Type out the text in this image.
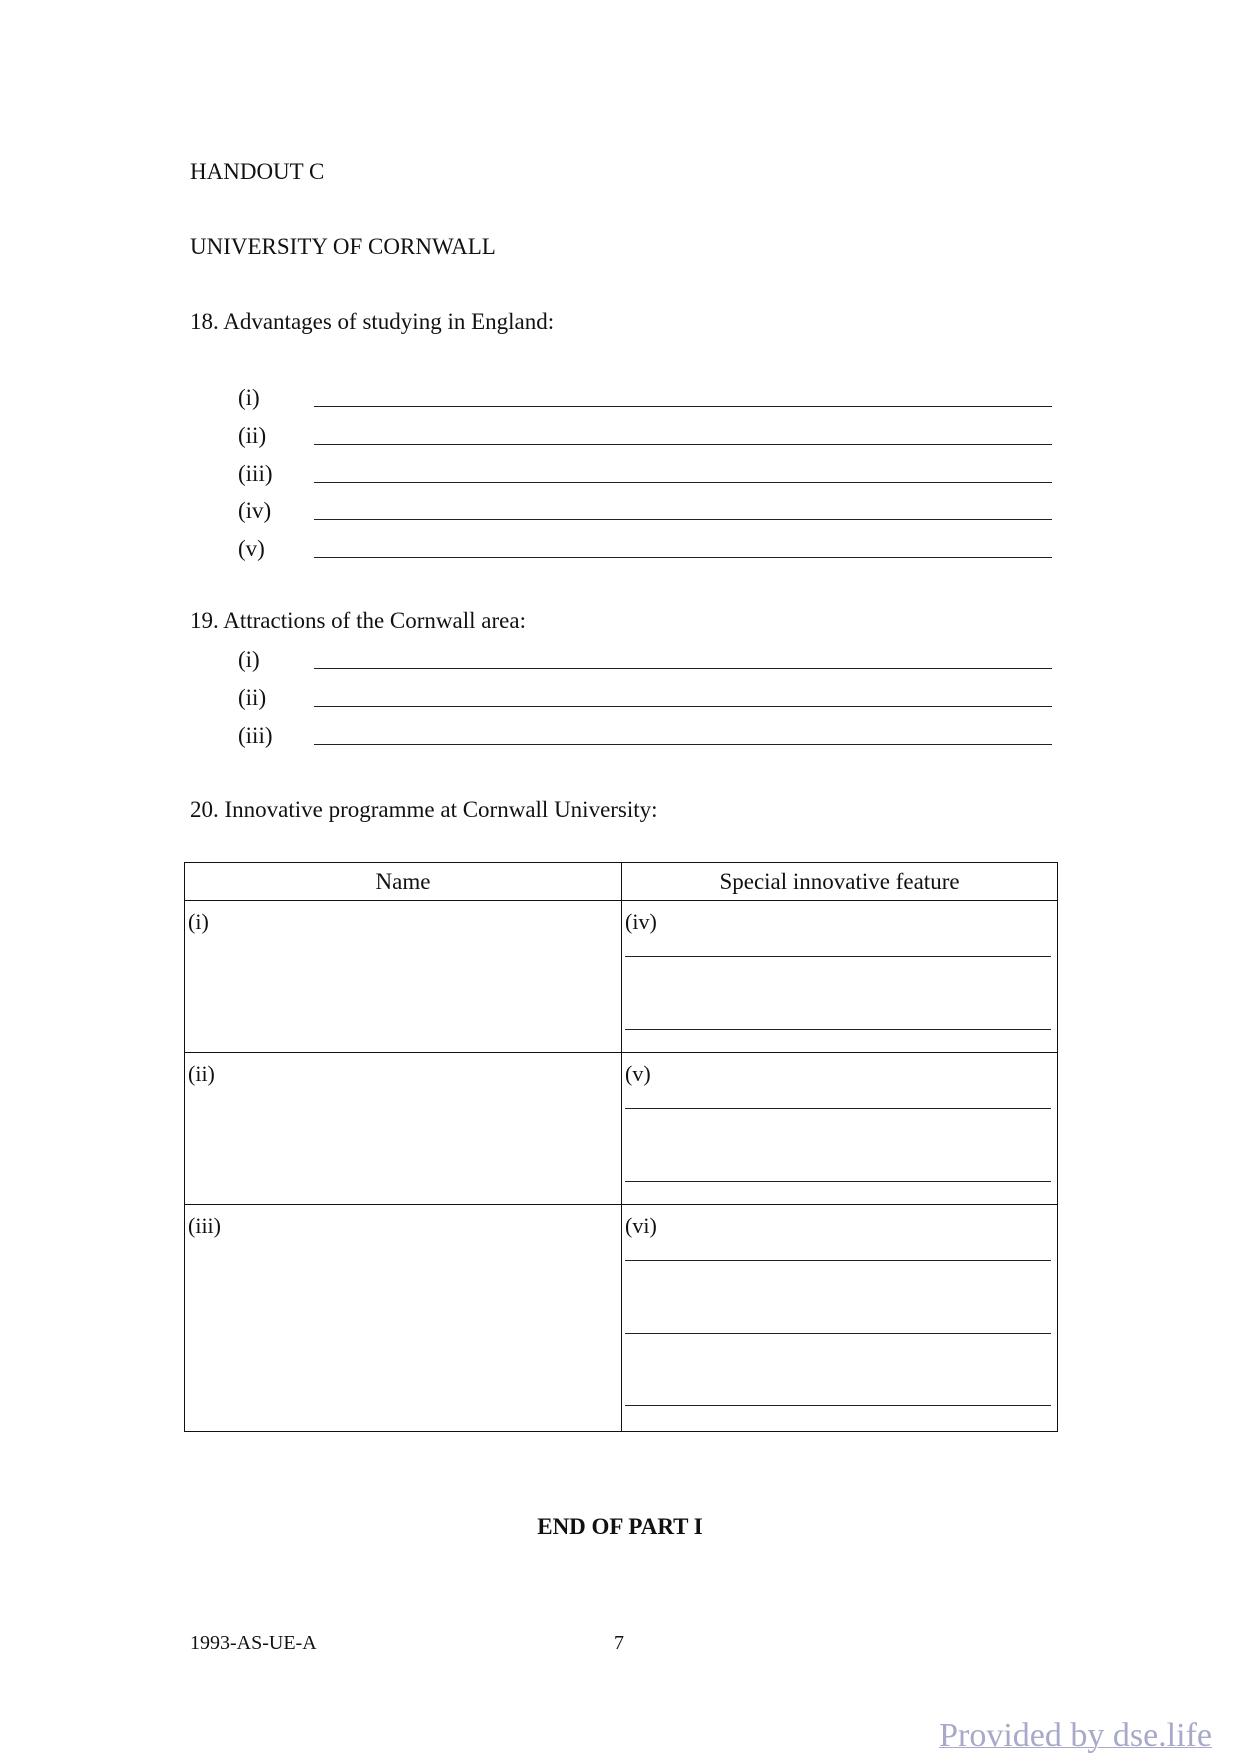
HANDOUT C
UNIVERSITY OF CORNWALL
18. Advantages of studying in England:
(i)
(ii)
(iii)
(iv)
(v)
19. Attractions of the Cornwall area:
(i)
(ii)
(iii)
20. Innovative programme at Cornwall University:
Name	Special innovative feature

(i)	(iv)

(ii)	(v)

(iii)	(vi)
END OF PART I
1993-AS-UE-A	7
Provided by dse.life
